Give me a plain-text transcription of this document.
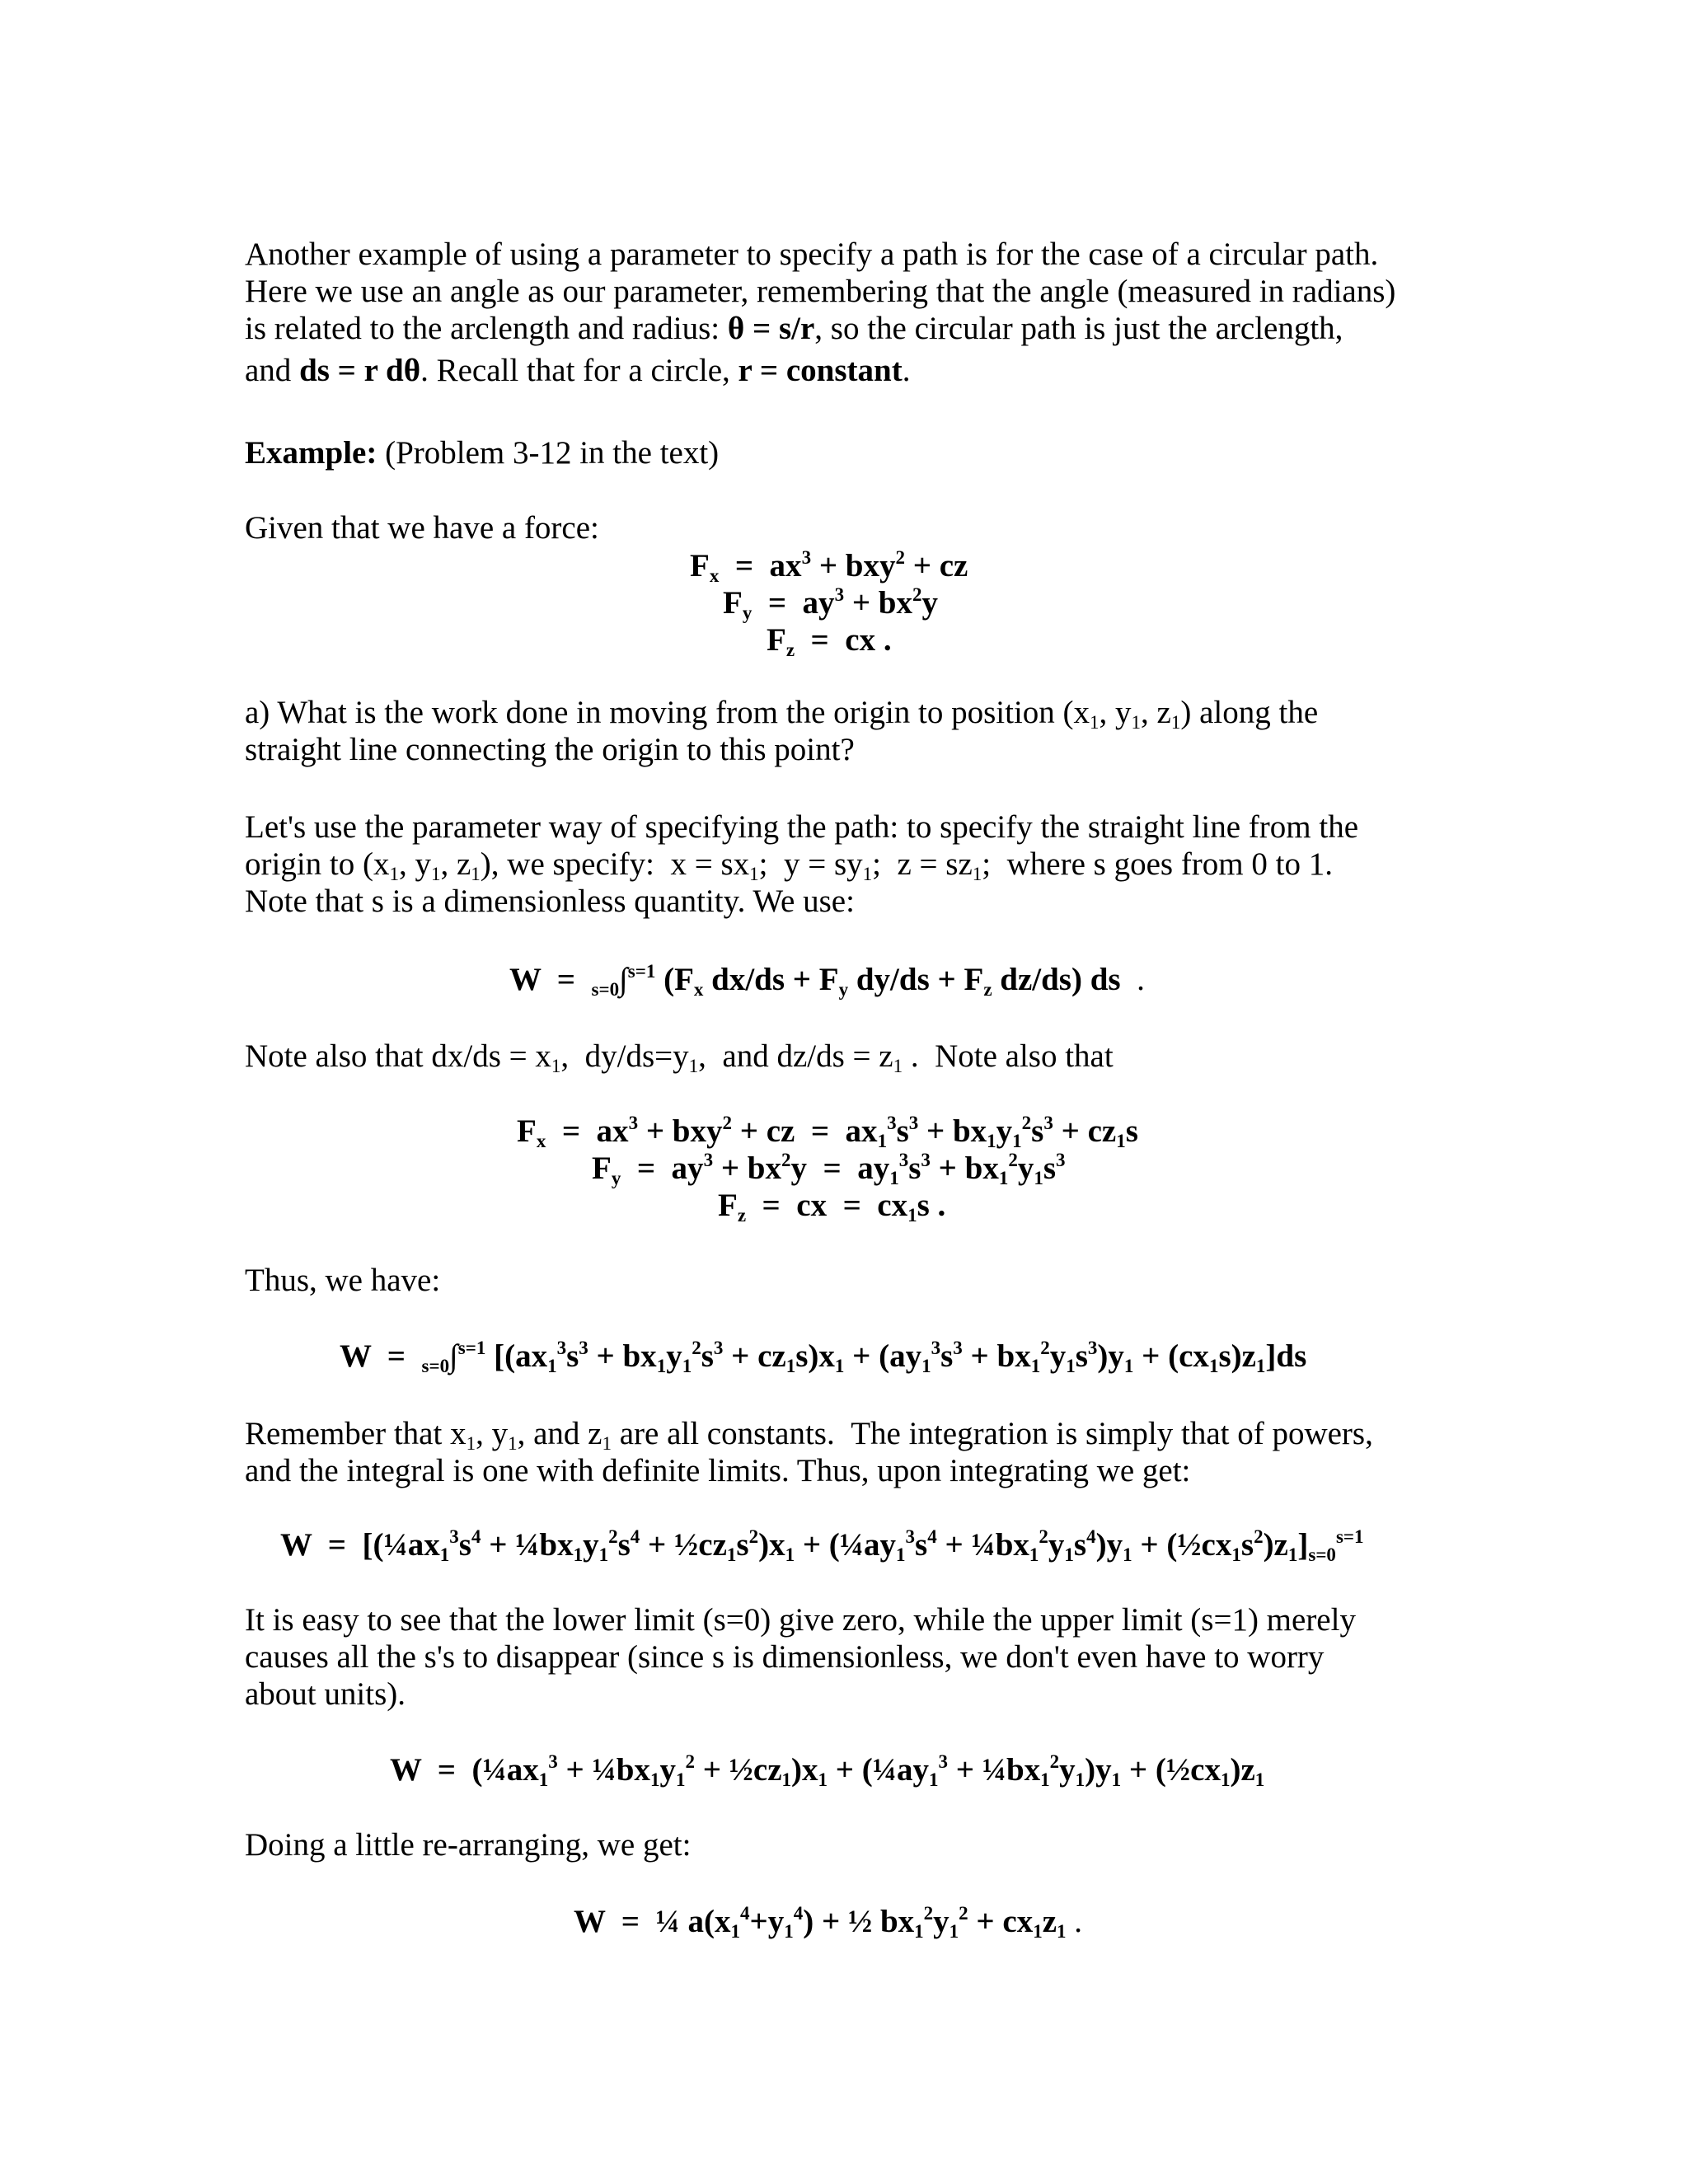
Another example of using a parameter to specify a path is for the case of a circular path.
Here we use an angle as our parameter, remembering that the angle (measured in radians)
is related to the arclength and radius: θ = s/r, so the circular path is just the arclength,
and ds = r dθ. Recall that for a circle, r = constant.
Example: (Problem 3-12 in the text)
Given that we have a force:
$F_x = ax^3 + bxy^2$ + cz
$F_y = ay^3 + bx^2y$
$F_z$  =  cx .
a) What is the work done in moving from the origin to position ($x_1$, $y_1$, $z_1$) along the
straight line connecting the origin to this point?
Let's use the parameter way of specifying the path: to specify the straight line from the
origin to ($x_1$, $y_1$, $z_1$), we specify:  $x = sx_1$;  $y = sy_1$;  $z = sz_1$;  where s goes from 0 to 1.
Note that s is a dimensionless quantity. We use:
W  =  $_{s=0}$∫$^{s=1}$ ($F_x$ $dx/ds + F_y$ $dy/ds + F_z$ dz/ds) ds  .
Note also that $dx/ds = x_1$,  $dy/ds=y_1$,  and $dz/ds = z_1$ .  Note also that
$F_x = ax^3 + bxy^2$ + cz  =  $ax_1^3s^3 + bx_1y_1^2s^3 + cz_1s$
$F_y = ay^3 + bx^2y = ay_1^3s^3 + bx_1^2y_1s^3$
$F_z$  =  cx  =  $cx_1s$ .
Thus, we have:
W  =  $_{s=0}$∫$^{s=1}$ $[(ax_1^3s^3 + bx_1y_1^2s^3 + cz_1s)x_1 + (ay_1^3s^3 + bx_1^2y_1s^3)y_1 + (cx_1s)z_1]ds$
Remember that $x_1$, $y_1$, and $z_1$ are all constants.  The integration is simply that of powers,
and the integral is one with definite limits. Thus, upon integrating we get:
$W = [(\frac{1}{4}ax_1^3s^4$ + $\frac{1}{4}bx_1y_1^2s^4$ + $\frac{1}{2}cz_1s^2)x_1$ + ($\frac{1}{4}ay_1^3s^4$ + $\frac{1}{4}bx_1^2y_1s^4)y_1$ + $(\frac{1}{2}cx_1s^2)z_1]_{s=0}^{s=1}$
It is easy to see that the lower limit (s=0) give zero, while the upper limit (s=1) merely
causes all the s's to disappear (since s is dimensionless, we don't even have to worry
about units).
$W = (\frac{1}{4}ax_1^3$ + $\frac{1}{4}bx_1y_1^2$ + $\frac{1}{2}cz_1)x_1$ + ($\frac{1}{4}ay_1^3$ + $\frac{1}{4}bx_1^2y_1)y_1$ + $(\frac{1}{2}cx_1)z_1$
Doing a little re-arranging, we get:
W  =  ¼ $a(x_1^4+y_1^4)$ + ½ $bx_1^2y_1^2 + cx_1z_1$ .
